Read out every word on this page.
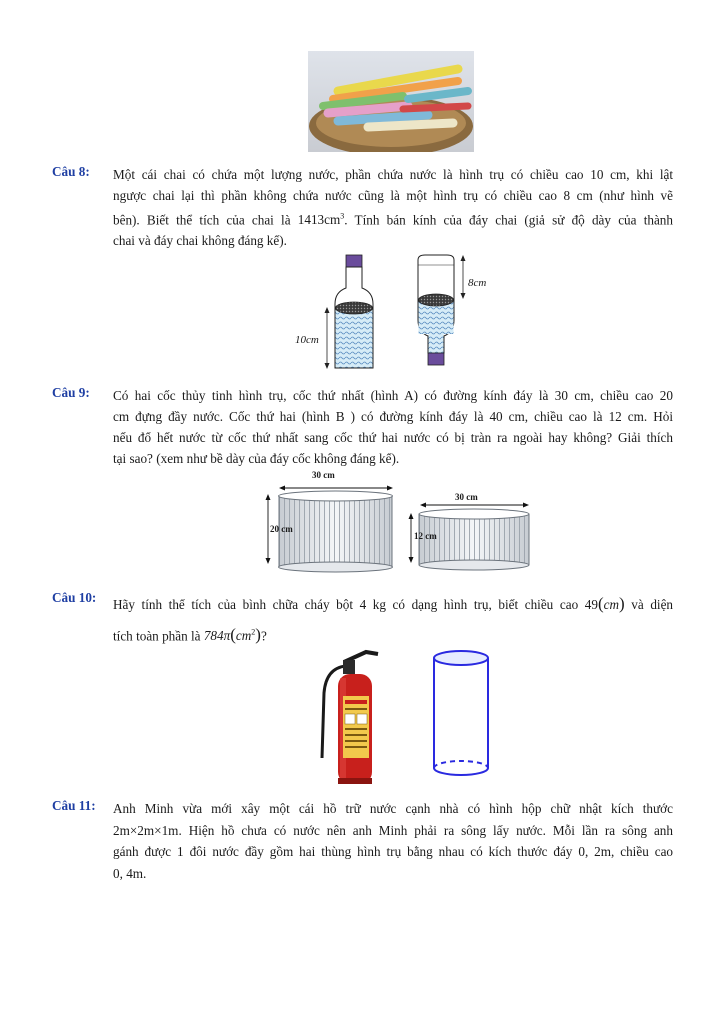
Câu 8: Một cái chai có chứa một lượng nước, phần chứa nước là hình trụ có chiều cao 10 cm, khi lật
ngược chai lại thì phần không chứa nước cũng là một hình trụ có chiều cao 8 cm (như hình vẽ
bên). Biết thể tích của chai là $1413cm^3$. Tính bán kính của đáy chai (giả sử độ dày của thành
chai và đáy chai không đáng kể).
10cm
8cm
Câu 9: Có hai cốc thủy tinh hình trụ, cốc thứ nhất (hình A) có đường kính đáy là 30 cm, chiều cao 20
cm đựng đầy nước. Cốc thứ hai (hình B ) có đường kính đáy là 40 cm, chiều cao là 12 cm. Hỏi
nếu đổ hết nước từ cốc thứ nhất sang cốc thứ hai nước có bị tràn ra ngoài hay không? Giải thích
tại sao? (xem như bề dày của đáy cốc không đáng kể).
30 cm
20 cm
30 cm
12 cm
Câu 10: Hãy tính thể tích của bình chữa cháy bột 4 kg có dạng hình trụ, biết chiều cao 49(cm) và diện
tích toàn phần là $784\pi(cm^2)$?
Câu 11: Anh Minh vừa mới xây một cái hồ trữ nước cạnh nhà có hình hộp chữ nhật kích thước
2m×2m×1m. Hiện hồ chưa có nước nên anh Minh phải ra sông lấy nước. Mỗi lần ra sông anh
gánh được 1 đôi nước đầy gồm hai thùng hình trụ bằng nhau có kích thước đáy 0, 2m, chiều cao
0, 4m.
